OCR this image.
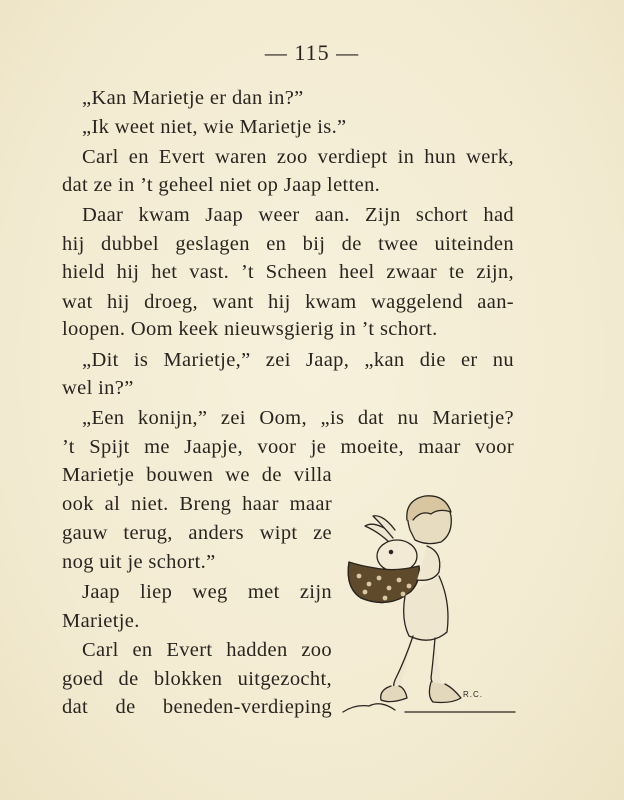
— 115 —
„Kan Marietje er dan in?”
„Ik weet niet, wie Marietje is.”
Carl en Evert waren zoo verdiept in hun werk,
dat ze in ’t geheel niet op Jaap letten.
Daar kwam Jaap weer aan. Zijn schort had
hij dubbel geslagen en bij de twee uiteinden
hield hij het vast. ’t Scheen heel zwaar te zijn,
wat hij droeg, want hij kwam waggelend aan-
loopen. Oom keek nieuwsgierig in ’t schort.
„Dit is Marietje,” zei Jaap, „kan die er nu
wel in?”
„Een konijn,” zei Oom, „is dat nu Marietje?
’t Spijt me Jaapje, voor je moeite, maar voor
Marietje bouwen we de villa
ook al niet. Breng haar maar
gauw terug, anders wipt ze
nog uit je schort.”
Jaap liep weg met zijn
Marietje.
Carl en Evert hadden zoo
goed de blokken uitgezocht,
dat de beneden-verdieping
R.C.
